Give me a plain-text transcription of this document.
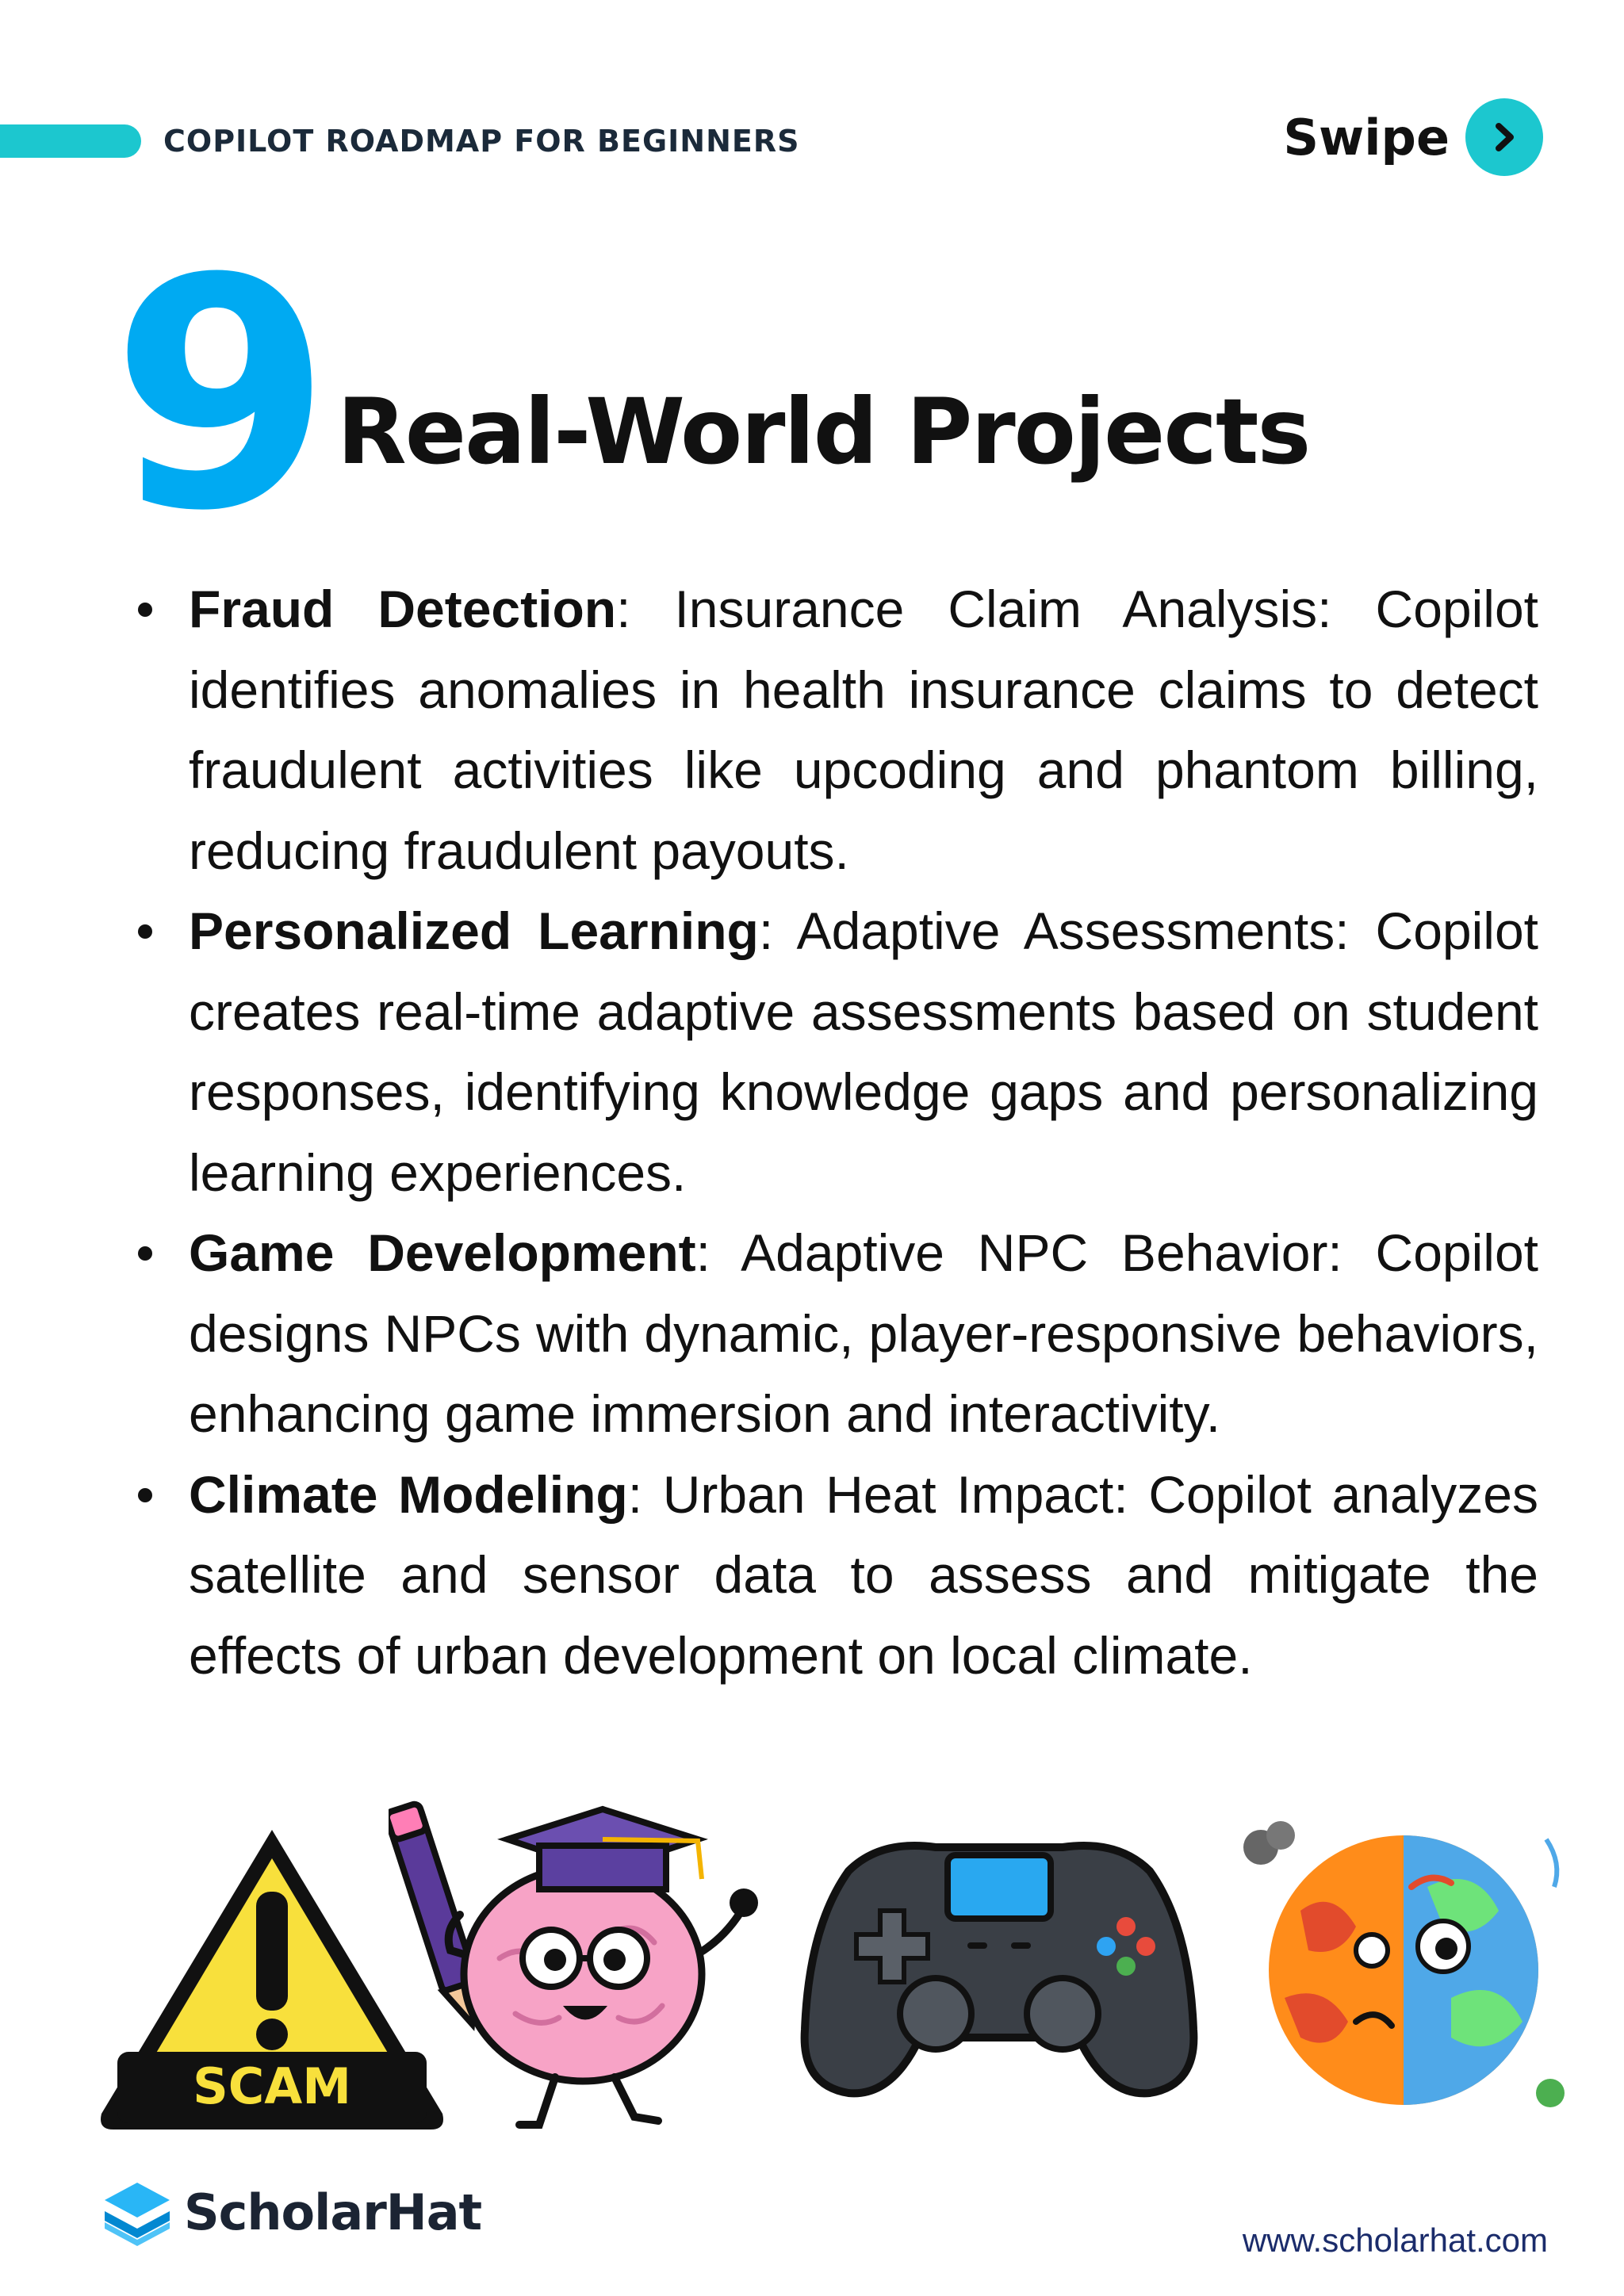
COPILOT ROADMAP FOR BEGINNERS	Swipe
9 Real-World Projects
Fraud Detection: Insurance Claim Analysis: Copilot identifies anomalies in health insurance claims to detect fraudulent activities like upcoding and phantom billing, reducing fraudulent payouts.
Personalized Learning: Adaptive Assessments: Copilot creates real-time adaptive assessments based on student responses, identifying knowledge gaps and personalizing learning experiences.
Game Development: Adaptive NPC Behavior: Copilot designs NPCs with dynamic, player-responsive behaviors, enhancing game immersion and interactivity.
Climate Modeling: Urban Heat Impact: Copilot analyzes satellite and sensor data to assess and mitigate the effects of urban development on local climate.
SCAM
ScholarHat	www.scholarhat.com
